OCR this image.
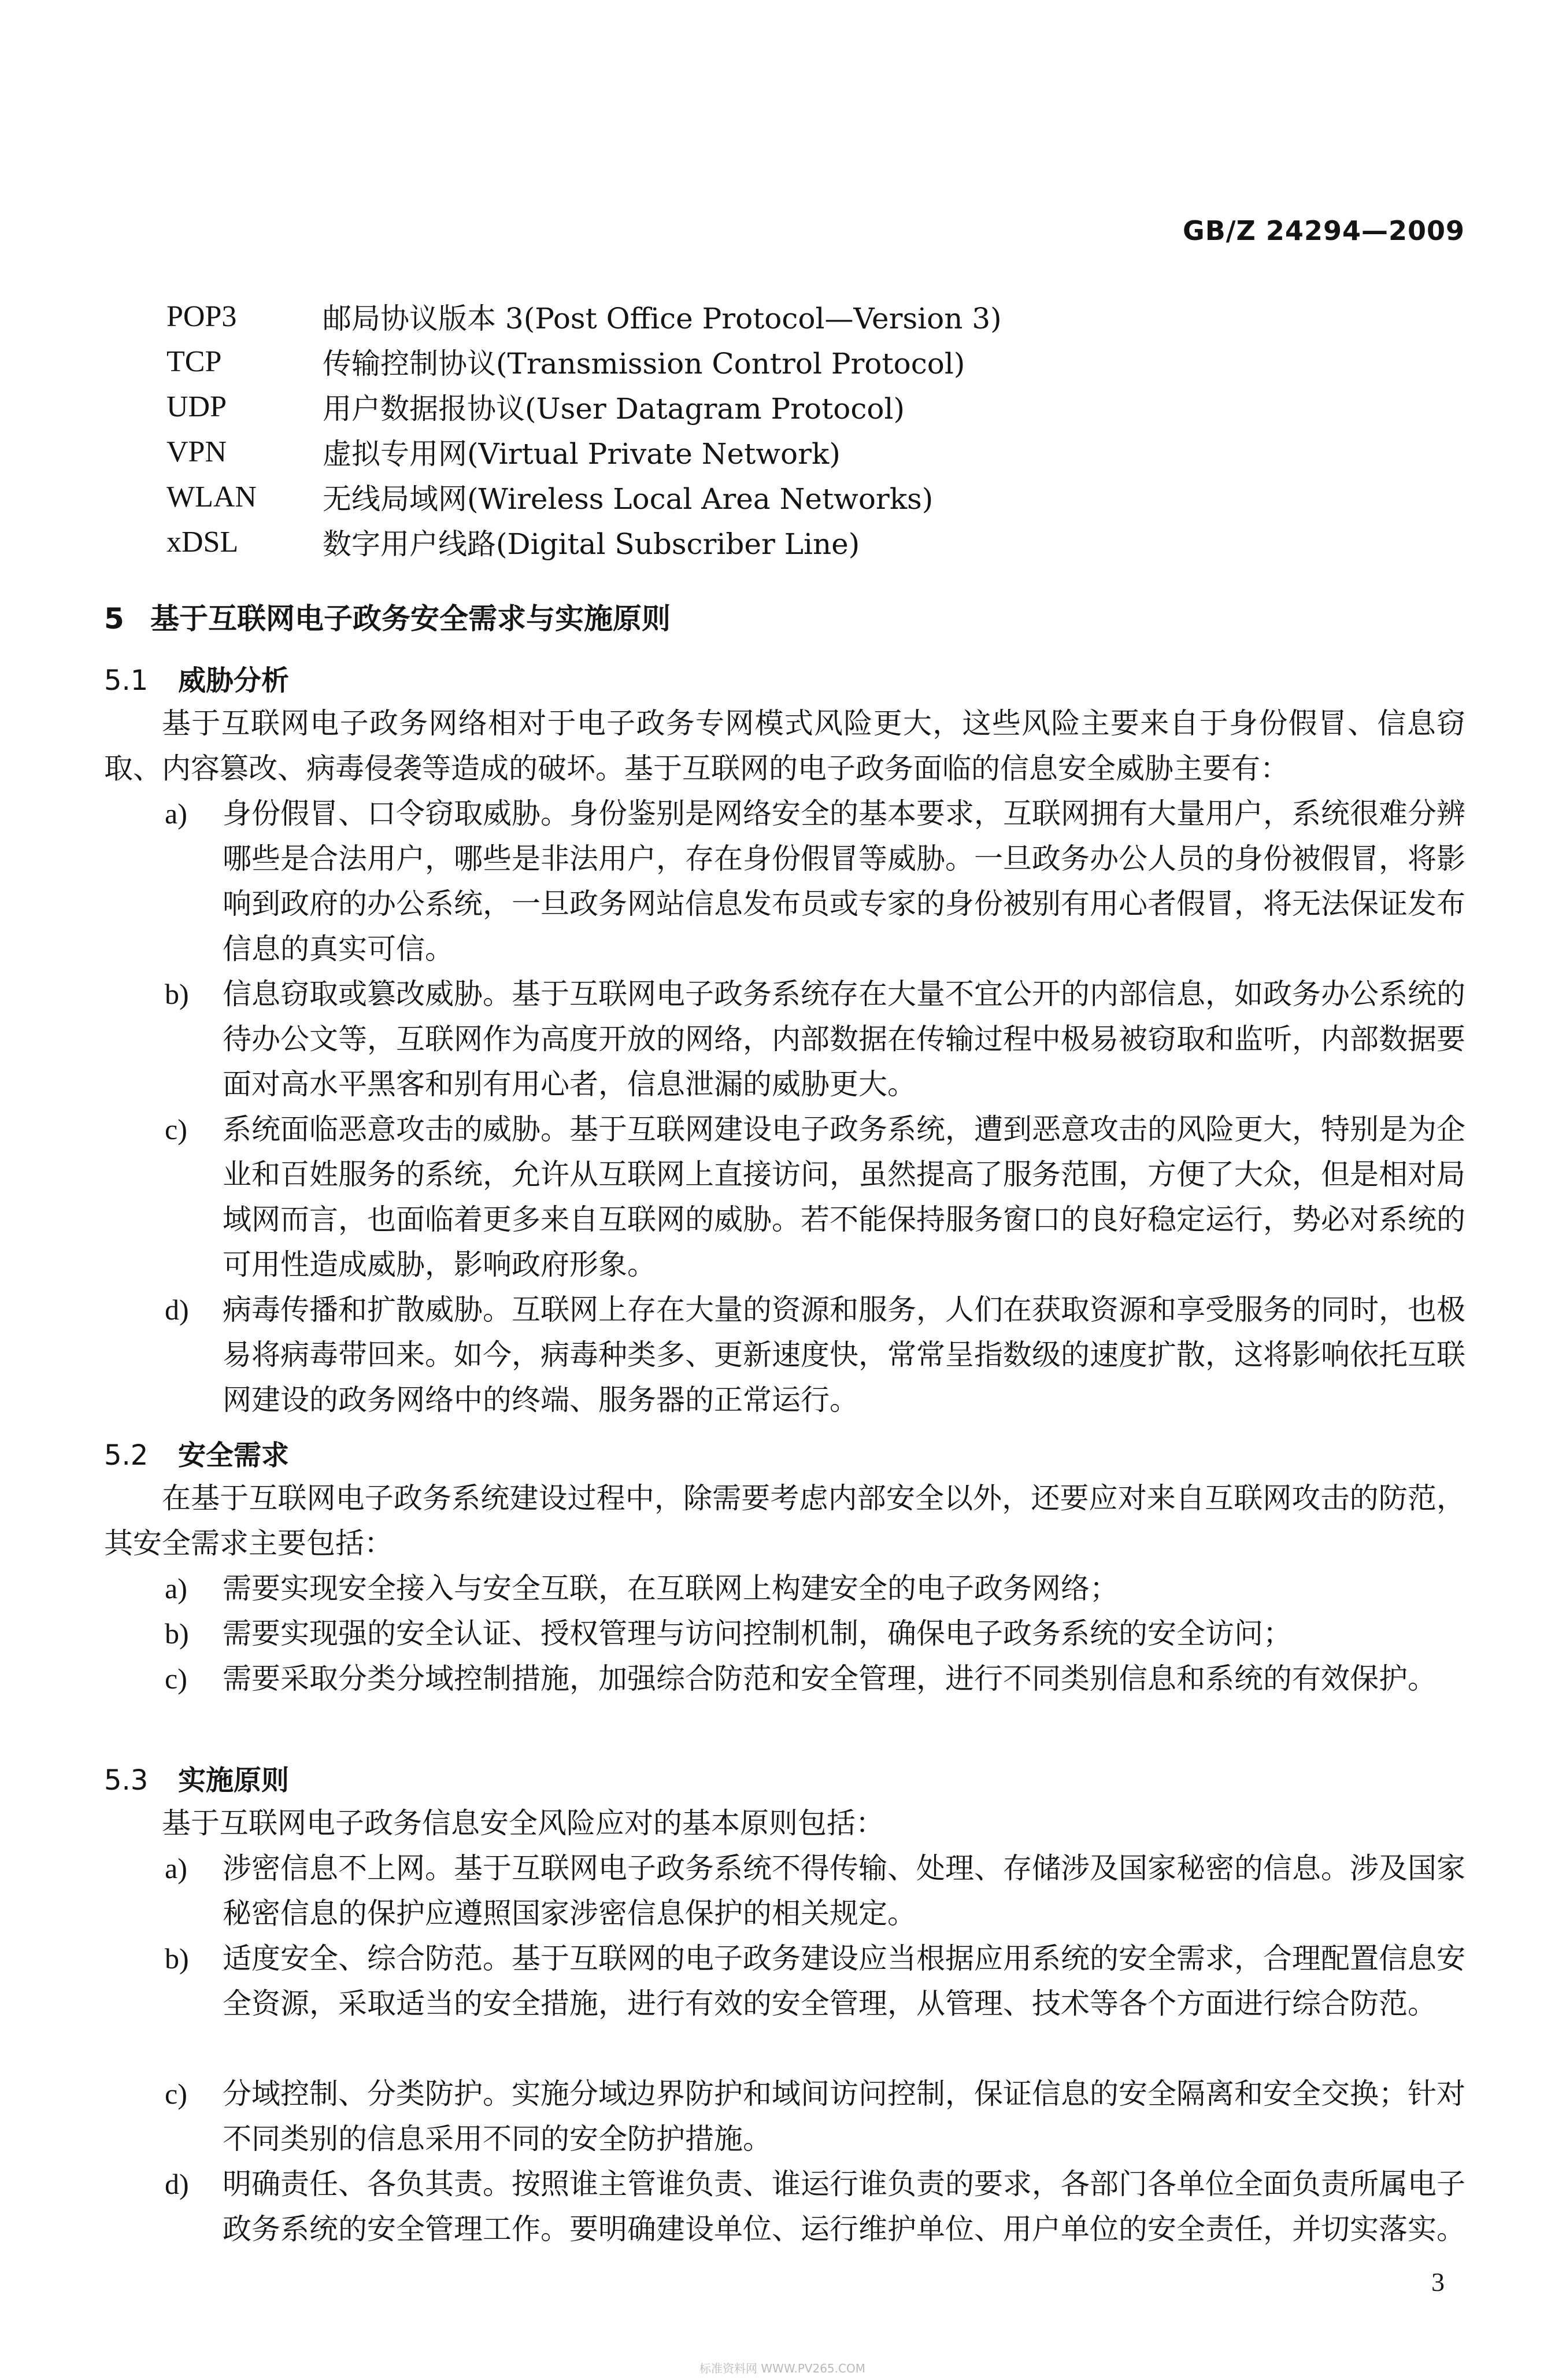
GB/Z 24294—2009
POP3	邮局协议版本 3(Post Office Protocol—Version 3)
TCP	传输控制协议(Transmission Control Protocol)
UDP	用户数据报协议(User Datagram Protocol)
VPN	虚拟专用网(Virtual Private Network)
WLAN	无线局域网(Wireless Local Area Networks)
xDSL	数字用户线路(Digital Subscriber Line)
5 基于互联网电子政务安全需求与实施原则
5.1 威胁分析
基于互联网电子政务网络相对于电子政务专网模式风险更大，这些风险主要来自于身份假冒、信息窃取、内容篡改、病毒侵袭等造成的破坏。基于互联网的电子政务面临的信息安全威胁主要有：
a) 身份假冒、口令窃取威胁。身份鉴别是网络安全的基本要求，互联网拥有大量用户，系统很难分辨哪些是合法用户，哪些是非法用户，存在身份假冒等威胁。一旦政务办公人员的身份被假冒，将影响到政府的办公系统，一旦政务网站信息发布员或专家的身份被别有用心者假冒，将无法保证发布信息的真实可信。
b) 信息窃取或篡改威胁。基于互联网电子政务系统存在大量不宜公开的内部信息，如政务办公系统的待办公文等，互联网作为高度开放的网络，内部数据在传输过程中极易被窃取和监听，内部数据要面对高水平黑客和别有用心者，信息泄漏的威胁更大。
c) 系统面临恶意攻击的威胁。基于互联网建设电子政务系统，遭到恶意攻击的风险更大，特别是为企业和百姓服务的系统，允许从互联网上直接访问，虽然提高了服务范围，方便了大众，但是相对局域网而言，也面临着更多来自互联网的威胁。若不能保持服务窗口的良好稳定运行，势必对系统的可用性造成威胁，影响政府形象。
d) 病毒传播和扩散威胁。互联网上存在大量的资源和服务，人们在获取资源和享受服务的同时，也极易将病毒带回来。如今，病毒种类多、更新速度快，常常呈指数级的速度扩散，这将影响依托互联网建设的政务网络中的终端、服务器的正常运行。
5.2 安全需求
在基于互联网电子政务系统建设过程中，除需要考虑内部安全以外，还要应对来自互联网攻击的防范，其安全需求主要包括：
a) 需要实现安全接入与安全互联，在互联网上构建安全的电子政务网络；
b) 需要实现强的安全认证、授权管理与访问控制机制，确保电子政务系统的安全访问；
c) 需要采取分类分域控制措施，加强综合防范和安全管理，进行不同类别信息和系统的有效保护。
5.3 实施原则
基于互联网电子政务信息安全风险应对的基本原则包括：
a) 涉密信息不上网。基于互联网电子政务系统不得传输、处理、存储涉及国家秘密的信息。涉及国家秘密信息的保护应遵照国家涉密信息保护的相关规定。
b) 适度安全、综合防范。基于互联网的电子政务建设应当根据应用系统的安全需求，合理配置信息安全资源，采取适当的安全措施，进行有效的安全管理，从管理、技术等各个方面进行综合防范。
c) 分域控制、分类防护。实施分域边界防护和域间访问控制，保证信息的安全隔离和安全交换；针对不同类别的信息采用不同的安全防护措施。
d) 明确责任、各负其责。按照谁主管谁负责、谁运行谁负责的要求，各部门各单位全面负责所属电子政务系统的安全管理工作。要明确建设单位、运行维护单位、用户单位的安全责任，并切实落实。
3
标准资料网 WWW.PV265.COM
